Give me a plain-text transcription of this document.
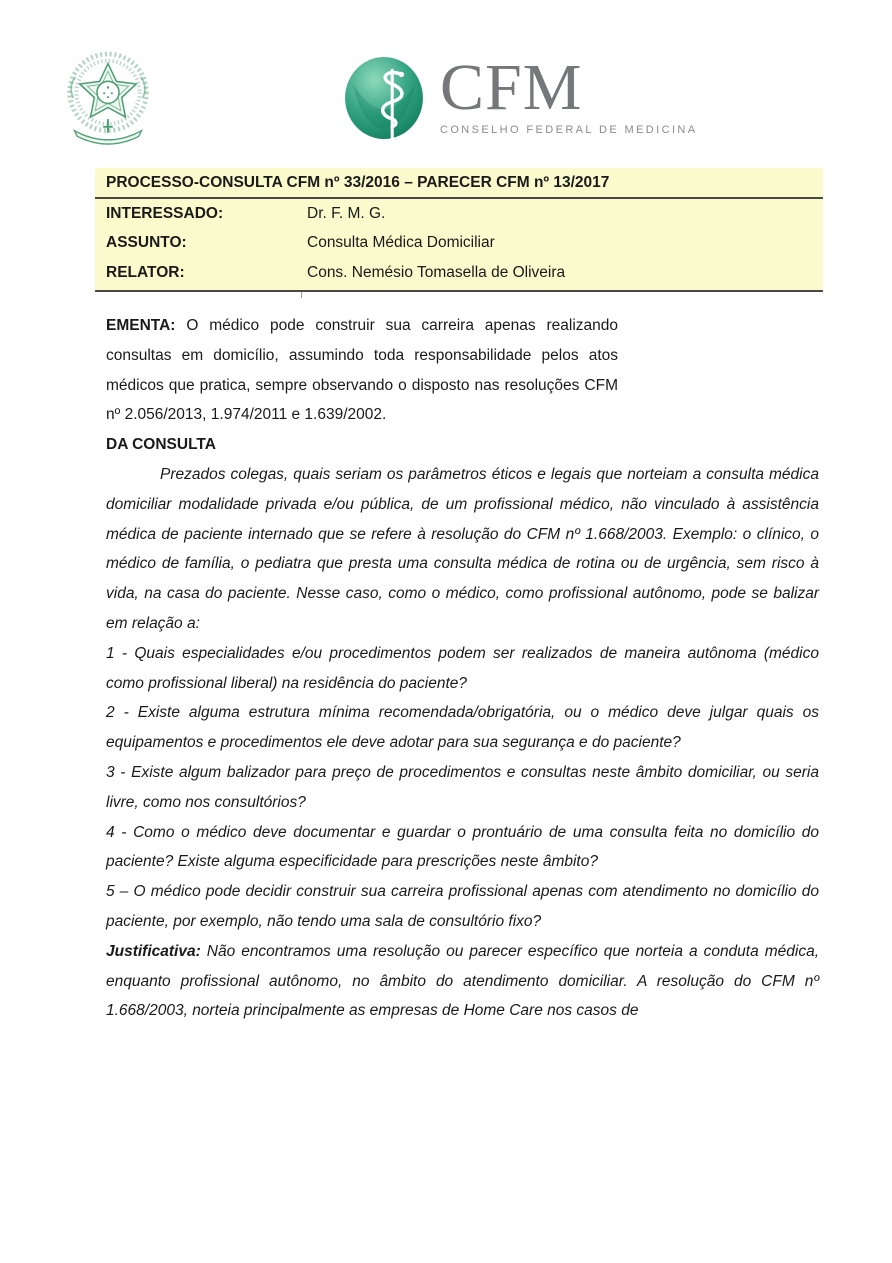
CFM
CONSELHO FEDERAL DE MEDICINA
PROCESSO-CONSULTA CFM nº 33/2016 – PARECER CFM nº 13/2017
INTERESSADO:	Dr. F. M. G.
ASSUNTO:	Consulta Médica Domiciliar
RELATOR:	Cons. Nemésio Tomasella de Oliveira

EMENTA: O médico pode construir sua carreira apenas realizando consultas em domicílio, assumindo toda responsabilidade pelos atos médicos que pratica, sempre observando o disposto nas resoluções CFM nº 2.056/2013, 1.974/2011 e 1.639/2002.

DA CONSULTA

Prezados colegas, quais seriam os parâmetros éticos e legais que norteiam a consulta médica domiciliar modalidade privada e/ou pública, de um profissional médico, não vinculado à assistência médica de paciente internado que se refere à resolução do CFM nº 1.668/2003. Exemplo: o clínico, o médico de família, o pediatra que presta uma consulta médica de rotina ou de urgência, sem risco à vida, na casa do paciente. Nesse caso, como o médico, como profissional autônomo, pode se balizar em relação a:

1 - Quais especialidades e/ou procedimentos podem ser realizados de maneira autônoma (médico como profissional liberal) na residência do paciente?

2 - Existe alguma estrutura mínima recomendada/obrigatória, ou o médico deve julgar quais os equipamentos e procedimentos ele deve adotar para sua segurança e do paciente?

3 - Existe algum balizador para preço de procedimentos e consultas neste âmbito domiciliar, ou seria livre, como nos consultórios?

4 - Como o médico deve documentar e guardar o prontuário de uma consulta feita no domicílio do paciente? Existe alguma especificidade para prescrições neste âmbito?

5 – O médico pode decidir construir sua carreira profissional apenas com atendimento no domicílio do paciente, por exemplo, não tendo uma sala de consultório fixo?

Justificativa: Não encontramos uma resolução ou parecer específico que norteia a conduta médica, enquanto profissional autônomo, no âmbito do atendimento domiciliar. A resolução do CFM nº 1.668/2003, norteia principalmente as empresas de Home Care nos casos de
